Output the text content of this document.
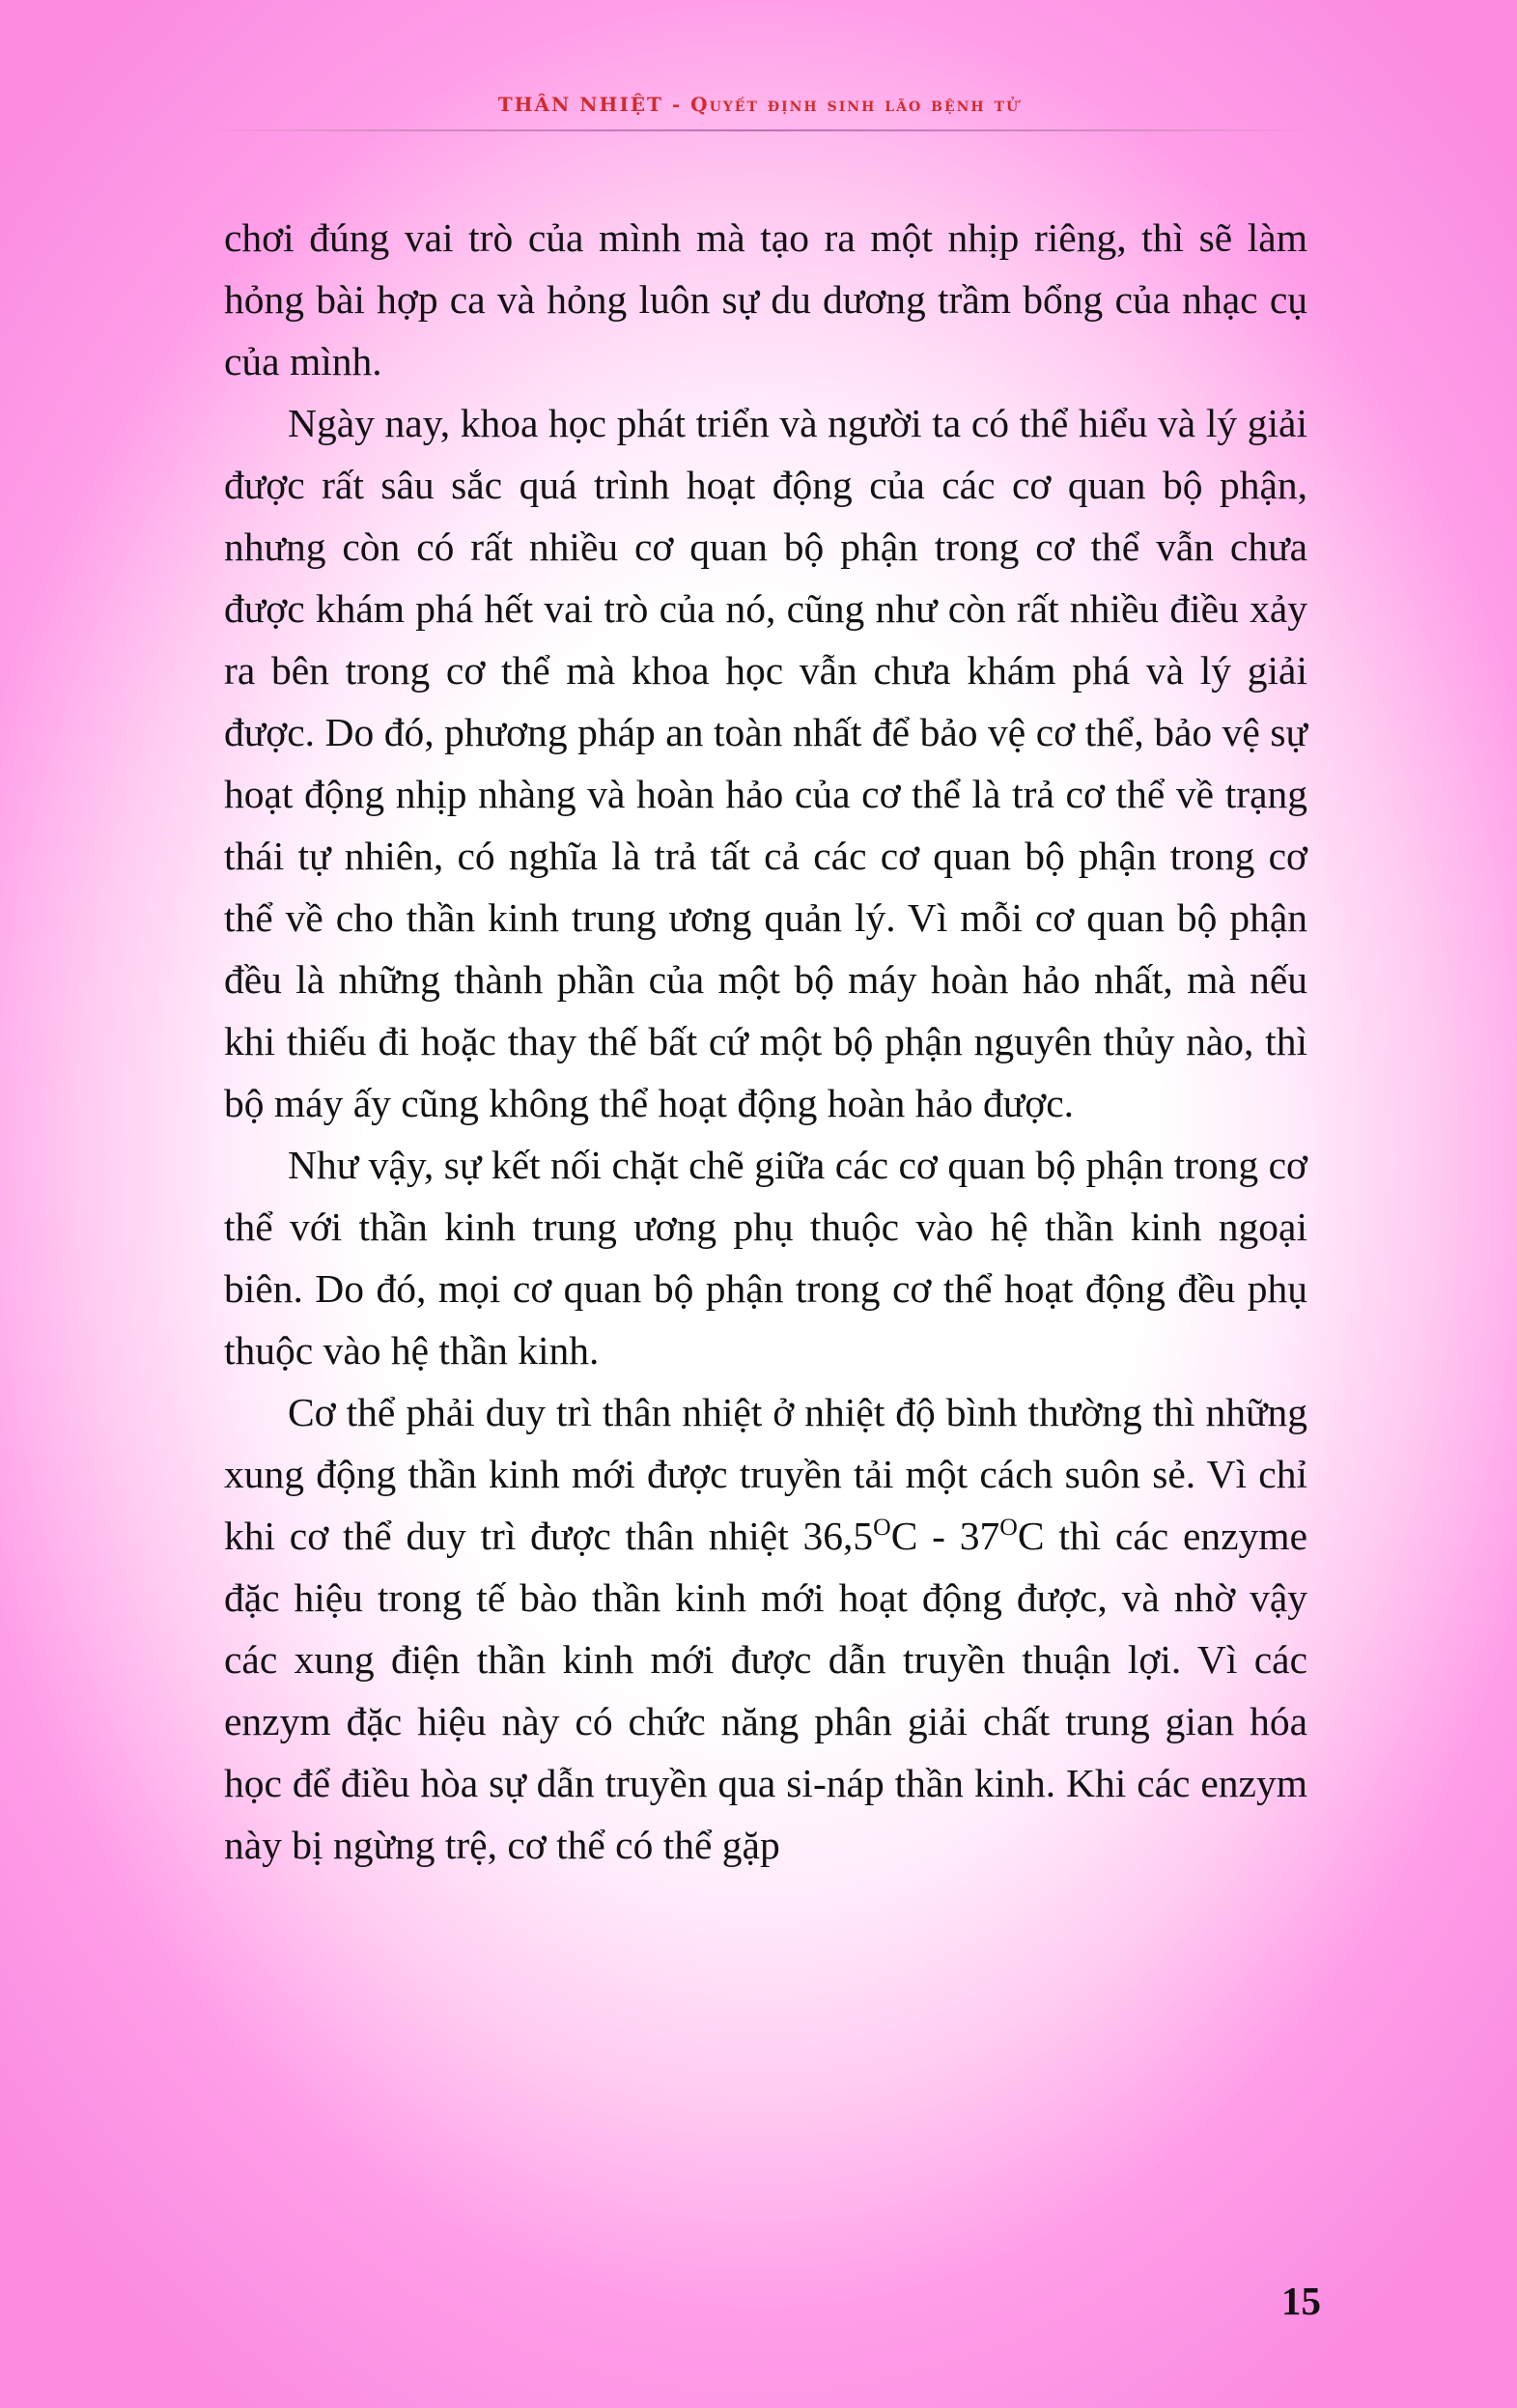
THÂN NHIỆT - Quyết định sinh lão bệnh tử

chơi đúng vai trò của mình mà tạo ra một nhịp riêng, thì sẽ làm hỏng bài hợp ca và hỏng luôn sự du dương trầm bổng của nhạc cụ của mình.

Ngày nay, khoa học phát triển và người ta có thể hiểu và lý giải được rất sâu sắc quá trình hoạt động của các cơ quan bộ phận, nhưng còn có rất nhiều cơ quan bộ phận trong cơ thể vẫn chưa được khám phá hết vai trò của nó, cũng như còn rất nhiều điều xảy ra bên trong cơ thể mà khoa học vẫn chưa khám phá và lý giải được. Do đó, phương pháp an toàn nhất để bảo vệ cơ thể, bảo vệ sự hoạt động nhịp nhàng và hoàn hảo của cơ thể là trả cơ thể về trạng thái tự nhiên, có nghĩa là trả tất cả các cơ quan bộ phận trong cơ thể về cho thần kinh trung ương quản lý. Vì mỗi cơ quan bộ phận đều là những thành phần của một bộ máy hoàn hảo nhất, mà nếu khi thiếu đi hoặc thay thế bất cứ một bộ phận nguyên thủy nào, thì bộ máy ấy cũng không thể hoạt động hoàn hảo được.

Như vậy, sự kết nối chặt chẽ giữa các cơ quan bộ phận trong cơ thể với thần kinh trung ương phụ thuộc vào hệ thần kinh ngoại biên. Do đó, mọi cơ quan bộ phận trong cơ thể hoạt động đều phụ thuộc vào hệ thần kinh.

Cơ thể phải duy trì thân nhiệt ở nhiệt độ bình thường thì những xung động thần kinh mới được truyền tải một cách suôn sẻ. Vì chỉ khi cơ thể duy trì được thân nhiệt $36,5^OC - 37^OC$ thì các enzyme đặc hiệu trong tế bào thần kinh mới hoạt động được, và nhờ vậy các xung điện thần kinh mới được dẫn truyền thuận lợi. Vì các enzym đặc hiệu này có chức năng phân giải chất trung gian hóa học để điều hòa sự dẫn truyền qua si-náp thần kinh. Khi các enzym này bị ngừng trệ, cơ thể có thể gặp

15
